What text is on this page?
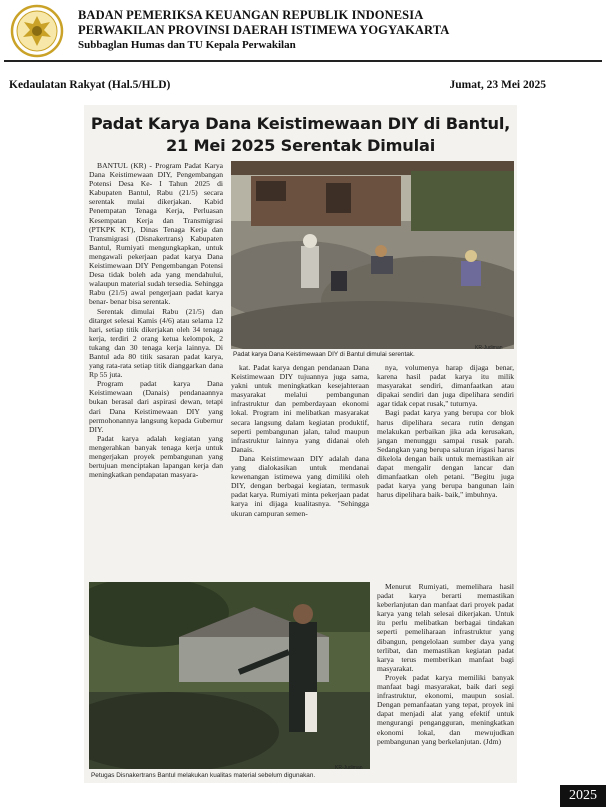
BADAN PEMERIKSA KEUANGAN REPUBLIK INDONESIA
PERWAKILAN PROVINSI DAERAH ISTIMEWA YOGYAKARTA
Subbaglan Humas dan TU Kepala Perwakilan
Kedaulatan Rakyat (Hal.5/HLD)	Jumat, 23 Mei 2025
Padat Karya Dana Keistimewaan DIY di Bantul,
21 Mei 2025 Serentak Dimulai

BANTUL (KR) - Program Padat Karya Dana Keistimewaan DIY, Pengembangan Potensi Desa Ke- I Tahun 2025 di Kabupaten Bantul, Rabu (21/5) secara serentak mulai dikerjakan. Kabid Penempatan Tenaga Kerja, Perluasan Kesempatan Kerja dan Transmigrasi (PTKPK KT), Dinas Tenaga Kerja dan Transmigrasi (Disnakertrans) Kabupaten Bantul, Rumiyati mengungkapkan, untuk mengawali pekerjaan padat karya Dana Keistimewaan DIY Pengembangan Potensi Desa tidak boleh ada yang mendahului, walaupun material sudah tersedia. Sehingga Rabu (21/5) awal pengerjaan padat karya benar- benar bisa serentak.

Serentak dimulai Rabu (21/5) dan ditarget selesai Kamis (4/6) atau selama 12 hari, setiap titik dikerjakan oleh 34 tenaga kerja, terdiri 2 orang ketua kelompok, 2 tukang dan 30 tenaga kerja lainnya. Di Bantul ada 80 titik sasaran padat karya, yang rata-rata setiap titik dianggarkan dana Rp 55 juta.

Program padat karya Dana Keistimewaan (Danais) pendanaannya bukan berasal dari aspirasi dewan, tetapi dari Dana Keistimewaan DIY yang permohonannya langsung kepada Gubernur DIY.

Padat karya adalah kegiatan yang mengerahkan banyak tenaga kerja untuk mengerjakan proyek pembangunan yang bertujuan menciptakan lapangan kerja dan meningkatkan pendapatan masyara-

Padat karya Dana Keistimewaan DIY di Bantul dimulai serentak.
KR-Judiman

kat. Padat karya dengan pendanaan Dana Keistimewaan DIY tujuannya juga sama, yakni untuk meningkatkan kesejahteraan masyarakat melalui pembangunan infrastruktur dan pemberdayaan ekonomi lokal. Program ini melibatkan masyarakat secara langsung dalam kegiatan produktif, seperti pembangunan jalan, talud maupun infrastruktur lainnya yang didanai oleh Danais.

Dana Keistimewaan DIY adalah dana yang dialokasikan untuk mendanai kewenangan istimewa yang dimiliki oleh DIY, dengan berbagai kegiatan, termasuk padat karya. Rumiyati minta pekerjaan padat karya ini dijaga kualitasnya. "Sehingga ukuran campuran semen-

nya, volumenya harap dijaga benar, karena hasil padat karya itu milik masyarakat sendiri, dimanfaatkan atau dipakai sendiri dan juga dipelihara sendiri agar tidak cepat rusak," tuturnya.

Bagi padat karya yang berupa cor blok harus dipelihara secara rutin dengan melakukan perbaikan jika ada kerusakan, jangan menunggu sampai rusak parah. Sedangkan yang berupa saluran irigasi harus dikelola dengan baik untuk memastikan air dapat mengalir dengan lancar dan dimanfaatkan oleh petani. "Begitu juga padat karya yang berupa bangunan lain harus dipelihara baik- baik," imbuhnya.

Petugas Disnakertrans Bantul melakukan kualitas material sebelum digunakan.
KR-Judiman

Menurut Rumiyati, memelihara hasil padat karya berarti memastikan keberlanjutan dan manfaat dari proyek padat karya yang telah selesai dikerjakan. Untuk itu perlu melibatkan berbagai tindakan seperti pemeliharaan infrastruktur yang dibangun, pengelolaan sumber daya yang terlibat, dan memastikan kegiatan padat karya terus memberikan manfaat bagi masyarakat.

Proyek padat karya memiliki banyak manfaat bagi masyarakat, baik dari segi infrastruktur, ekonomi, maupun sosial. Dengan pemanfaatan yang tepat, proyek ini dapat menjadi alat yang efektif untuk mengurangi pengangguran, meningkatkan ekonomi lokal, dan mewujudkan pembangunan yang berkelanjutan. (Jdm)

2025
